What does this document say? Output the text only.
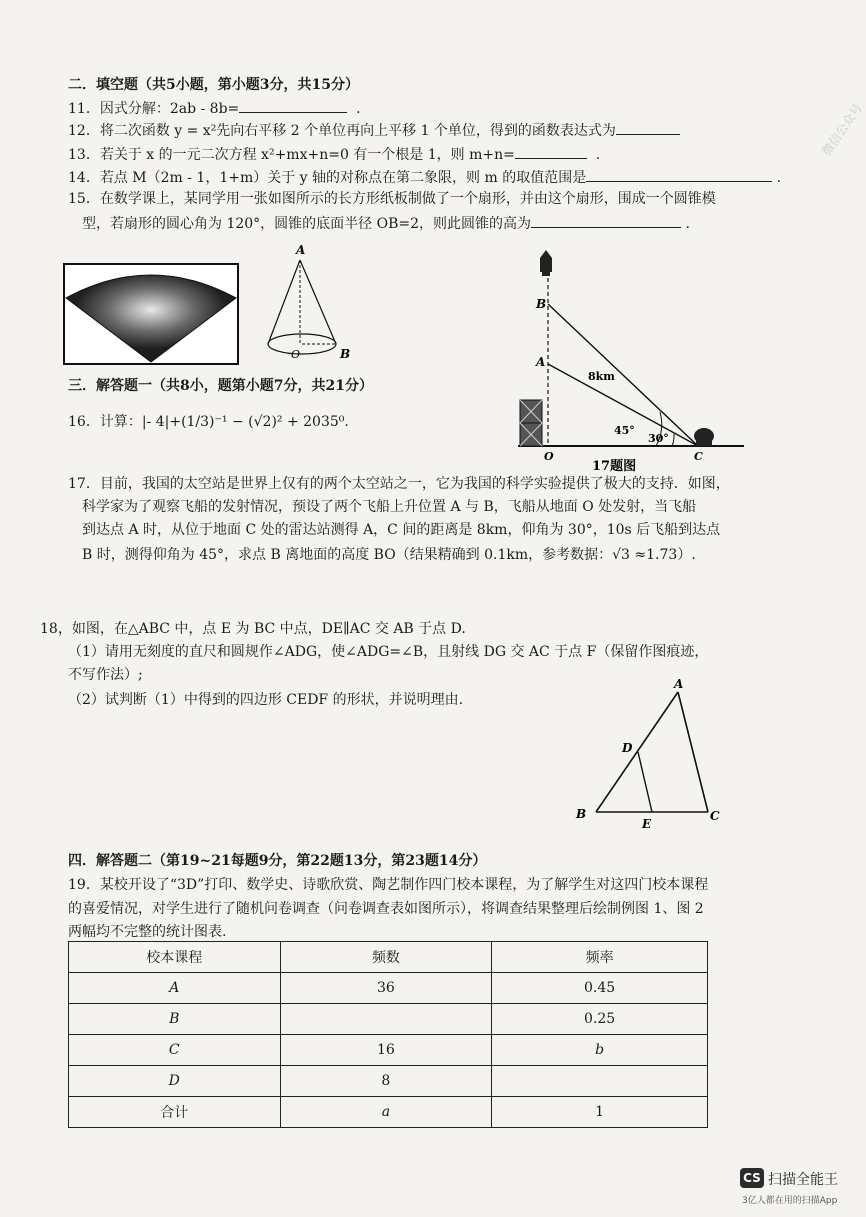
微信公众号
二．填空题（共5小题，第小题3分，共15分）
11．因式分解：2ab - 8b=	.
12．将二次函数 y = x²先向右平移 2 个单位再向上平移 1 个单位，得到的函数表达式为
13．若关于 x 的一元二次方程 x²+mx+n=0 有一个根是 1，则 m+n=	.
14．若点 M（2m - 1，1+m）关于 y 轴的对称点在第二象限，则 m 的取值范围是	.
15．在数学课上，某同学用一张如图所示的长方形纸板制做了一个扇形，并由这个扇形，围成一个圆锥模
型，若扇形的圆心角为 120°，圆锥的底面半径 OB=2，则此圆锥的高为	.
A
O	B
三．解答题一（共8小，题第小题7分，共21分）
16．计算：|- 4|+(1/3)⁻¹ − (√2)² + 2035⁰.
B
A
8km
45°
30°
O	C
17题图
17．目前，我国的太空站是世界上仅有的两个太空站之一，它为我国的科学实验提供了极大的支持．如图，
科学家为了观察飞船的发射情况，预设了两个飞船上升位置 A 与 B，飞船从地面 O 处发射，当飞船
到达点 A 时，从位于地面 C 处的雷达站测得 A，C 间的距离是 8km，仰角为 30°，10s 后飞船到达点
B 时，测得仰角为 45°，求点 B 离地面的高度 BO（结果精确到 0.1km，参考数据：√3 ≈1.73）.
18，如图，在△ABC 中，点 E 为 BC 中点，DE∥AC 交 AB 于点 D.
（1）请用无刻度的直尺和圆规作∠ADG，使∠ADG=∠B，且射线 DG 交 AC 于点 F（保留作图痕迹，
不写作法）;
（2）试判断（1）中得到的四边形 CEDF 的形状，并说明理由.
A
D
B
E
C
四．解答题二（第19~21每题9分，第22题13分，第23题14分）
19．某校开设了“3D”打印、数学史、诗歌欣赏、陶艺制作四门校本课程，为了解学生对这四门校本课程
的喜爱情况，对学生进行了随机问卷调查（问卷调查表如图所示），将调查结果整理后绘制例图 1、图 2
两幅均不完整的统计图表.
校本课程	频数	频率
A	36	0.45
B		0.25
C	16	b
D	8	
合计	a	1
CS 扫描全能王
3亿人都在用的扫描App
